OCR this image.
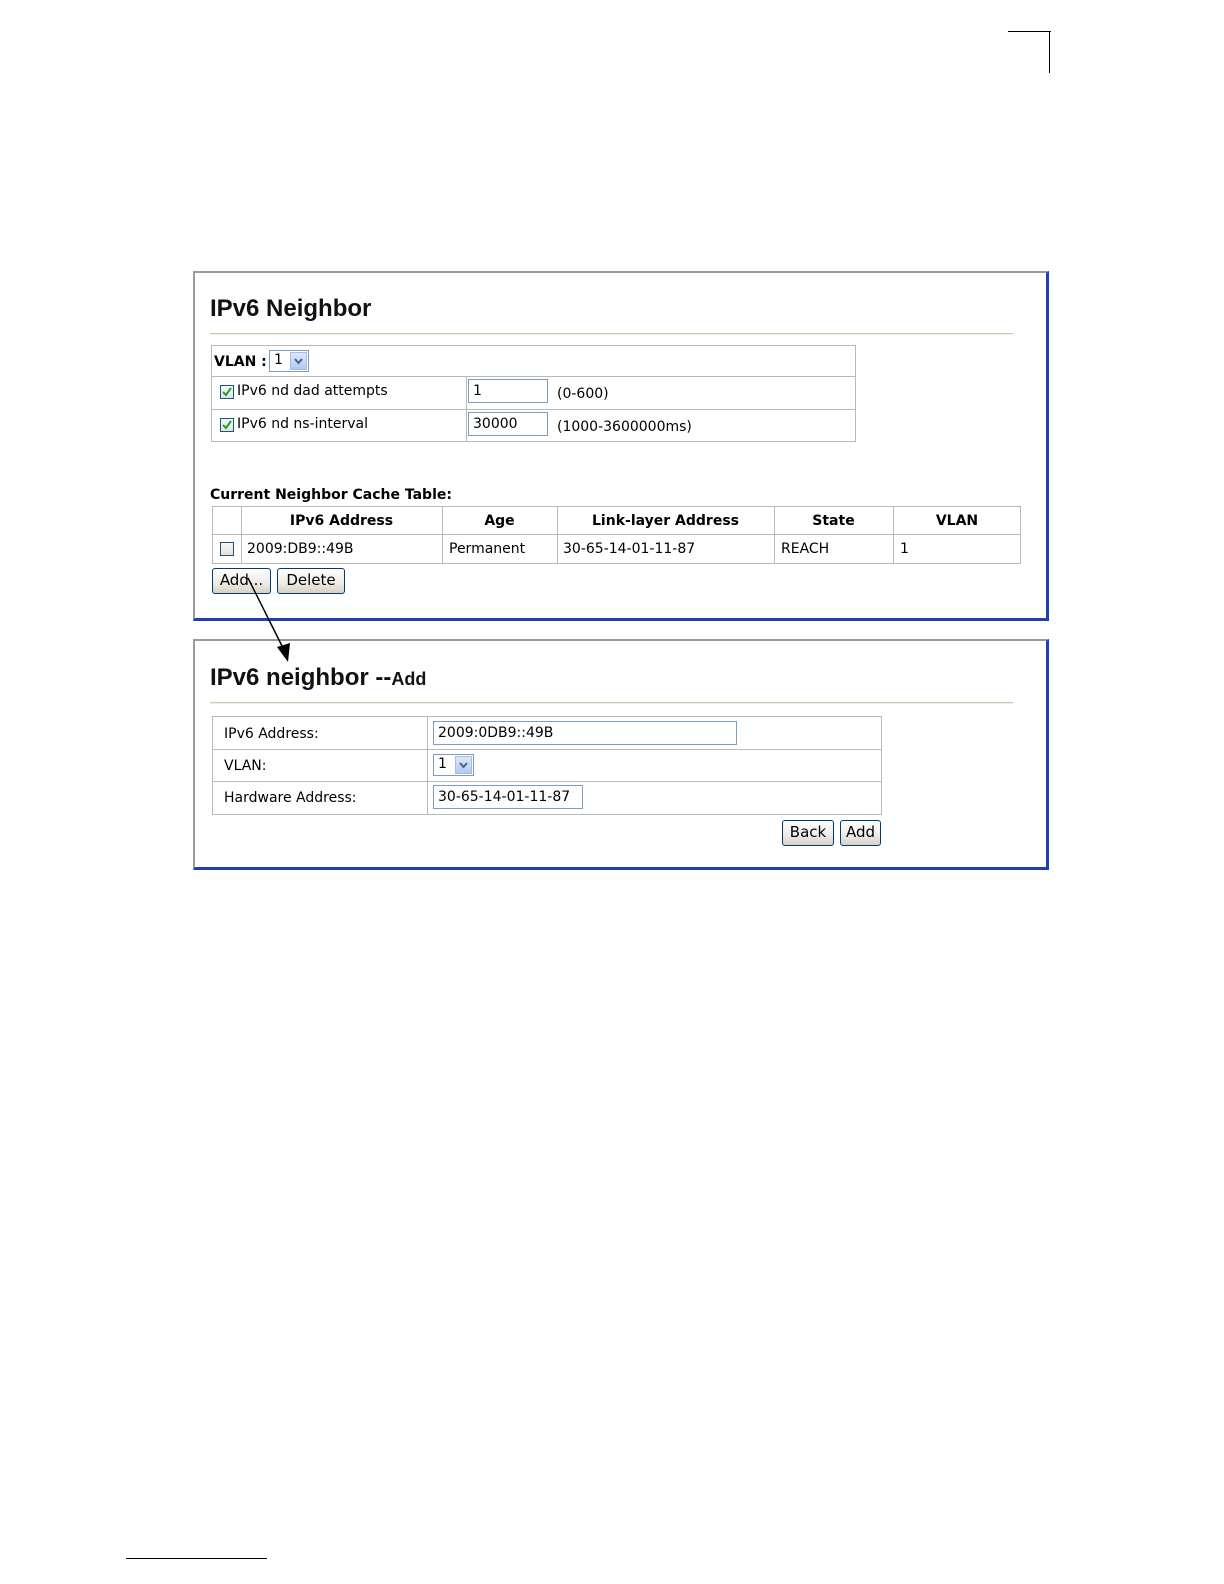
IPv6 Neighbor
VLAN : 1
IPv6 nd dad attempts	1	(0-600)
IPv6 nd ns-interval	30000	(1000-3600000ms)
Current Neighbor Cache Table:
IPv6 Address	Age	Link-layer Address	State	VLAN
2009:DB9::49B	Permanent	30-65-14-01-11-87	REACH	1
Add...	Delete
IPv6 neighbor --Add
IPv6 Address:	2009:0DB9::49B
VLAN:	1
Hardware Address:	30-65-14-01-11-87
Back	Add
